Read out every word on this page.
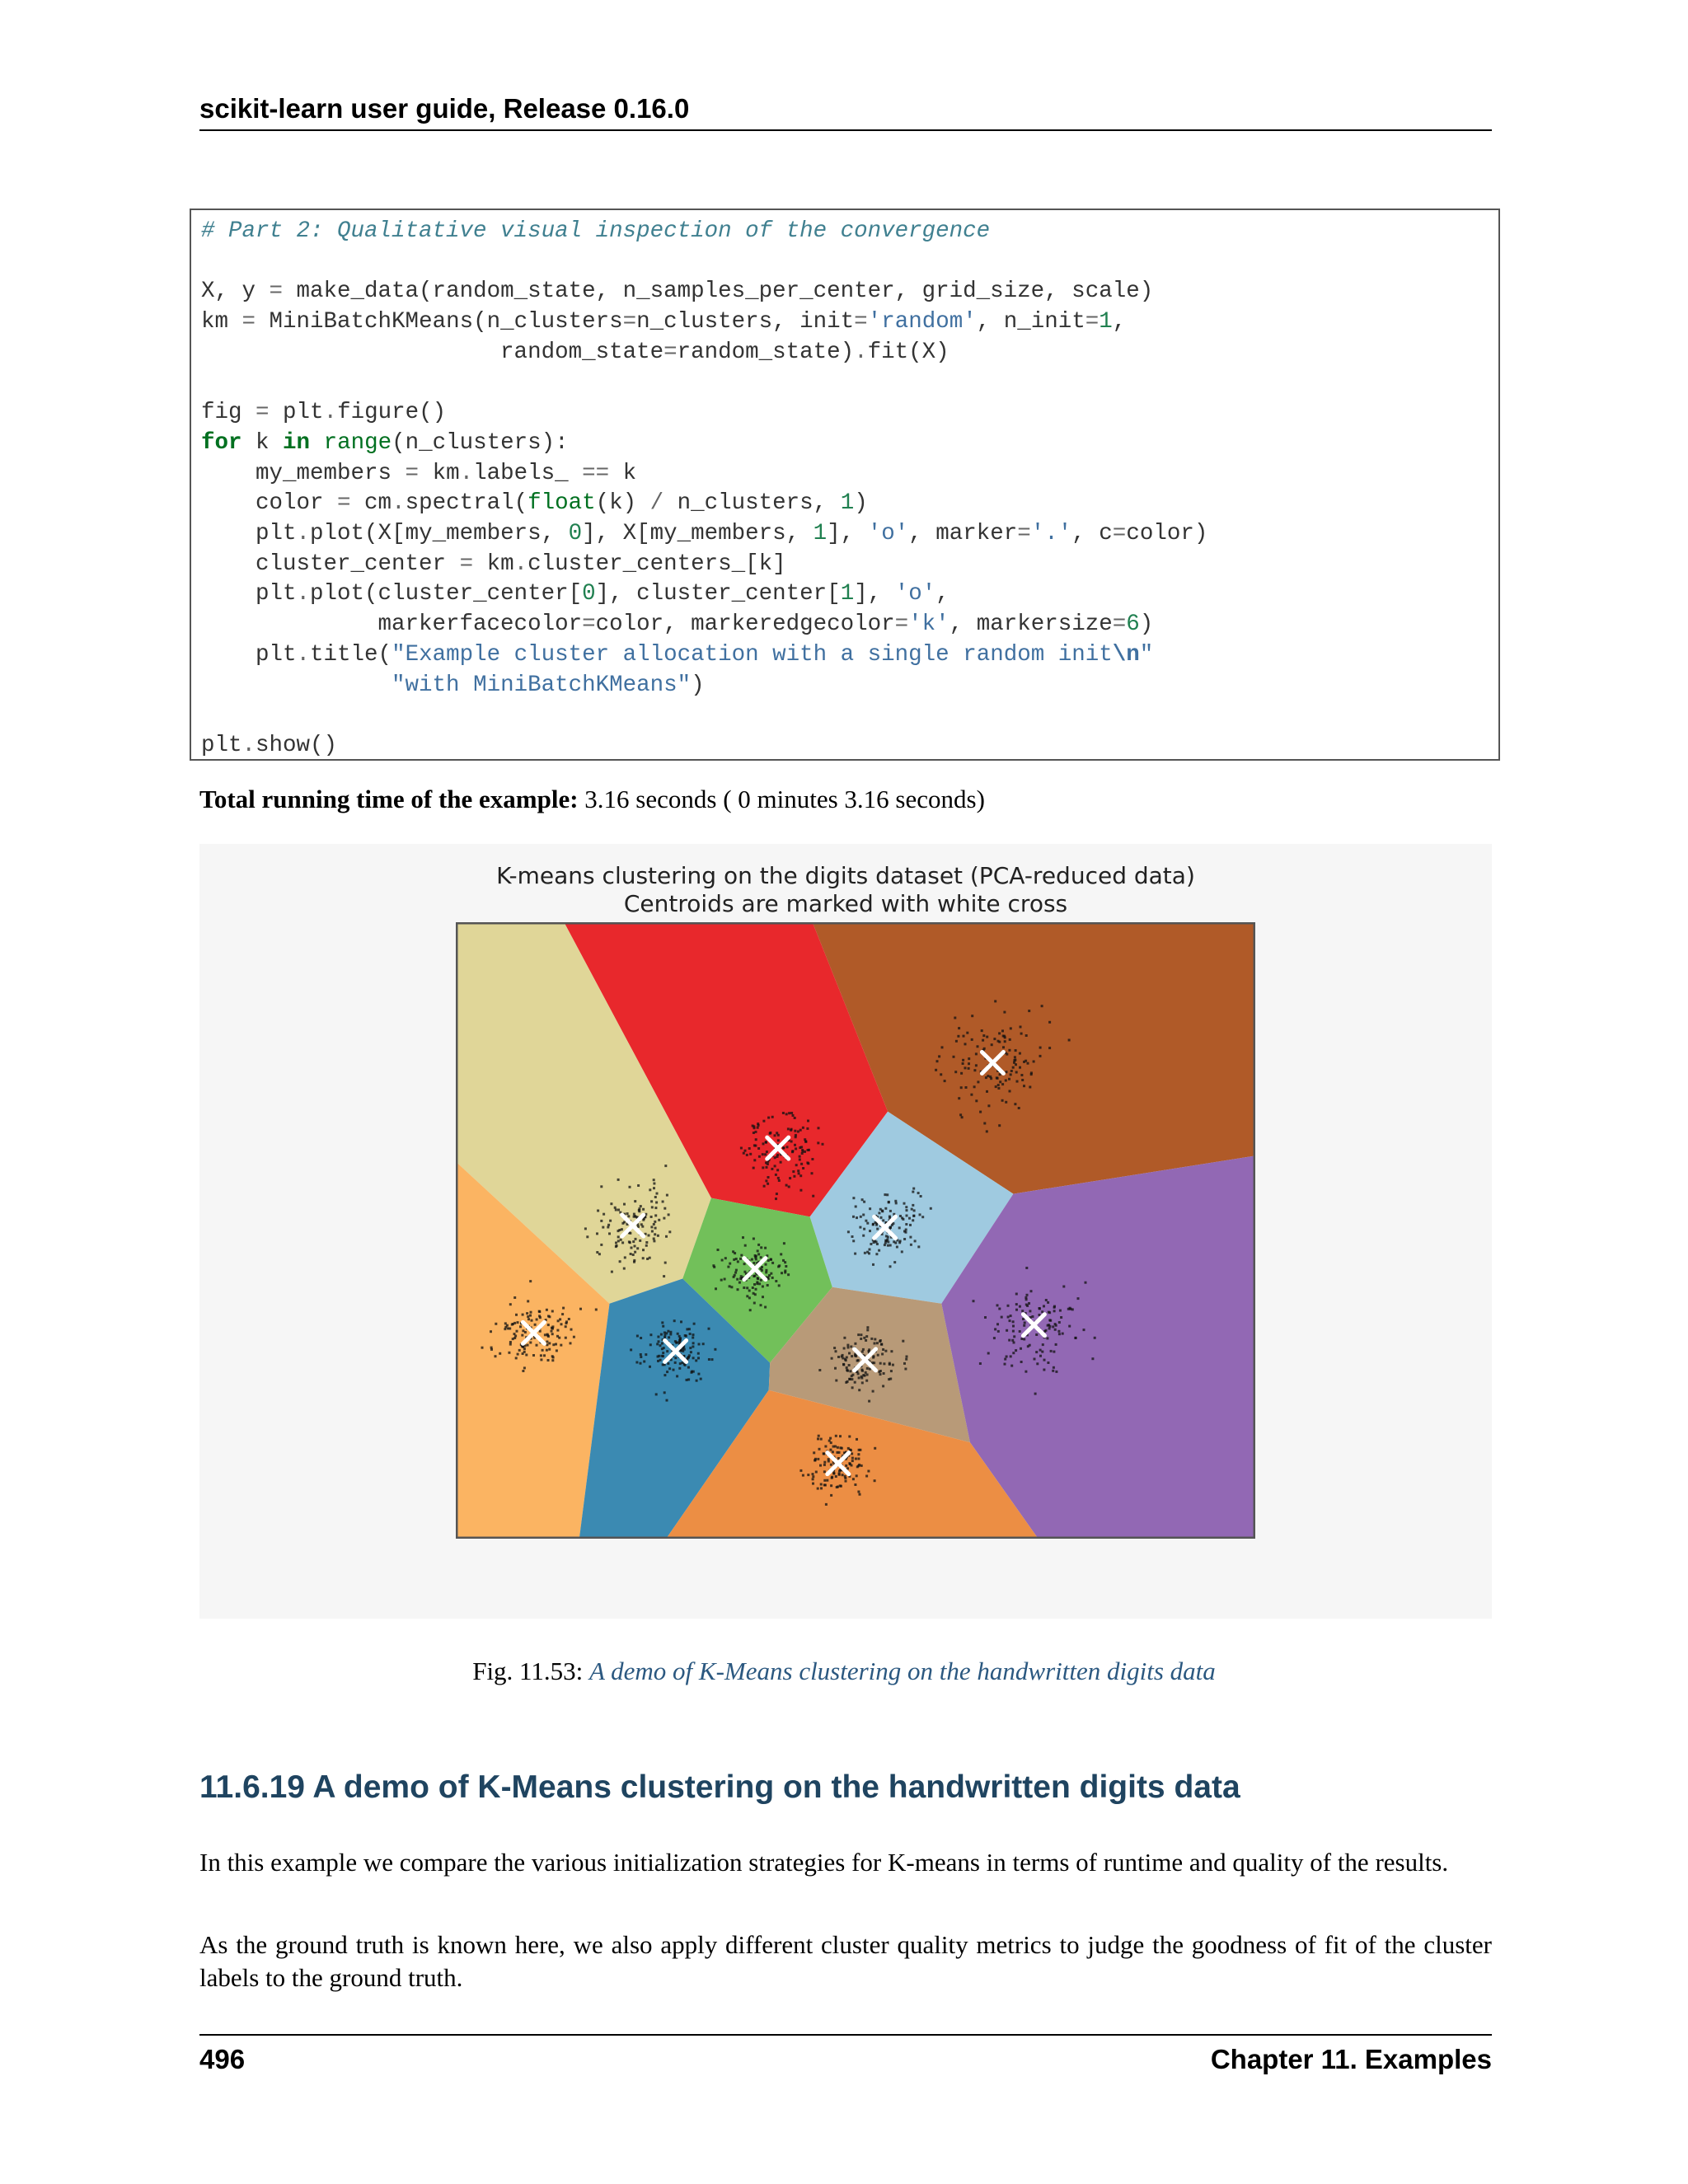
scikit-learn user guide, Release 0.16.0
# Part 2: Qualitative visual inspection of the convergence

X, y = make_data(random_state, n_samples_per_center, grid_size, scale)
km = MiniBatchKMeans(n_clusters=n_clusters, init='random', n_init=1,
random_state=random_state).fit(X)

fig = plt.figure()
for k in range(n_clusters):
my_members = km.labels_ == k
color = cm.spectral(float(k) / n_clusters, 1)
plt.plot(X[my_members, 0], X[my_members, 1], 'o', marker='.', c=color)
cluster_center = km.cluster_centers_[k]
plt.plot(cluster_center[0], cluster_center[1], 'o',
markerfacecolor=color, markeredgecolor='k', markersize=6)
plt.title("Example cluster allocation with a single random init\n"
"with MiniBatchKMeans")

plt.show()

Total running time of the example: 3.16 seconds ( 0 minutes 3.16 seconds)
K-means clustering on the digits dataset (PCA-reduced data)
Centroids are marked with white cross
Fig. 11.53: A demo of K-Means clustering on the handwritten digits data
11.6.19 A demo of K-Means clustering on the handwritten digits data
In this example we compare the various initialization strategies for K-means in terms of runtime and quality of the results.
As the ground truth is known here, we also apply different cluster quality metrics to judge the goodness of fit of the cluster labels to the ground truth.
496	Chapter 11. Examples
